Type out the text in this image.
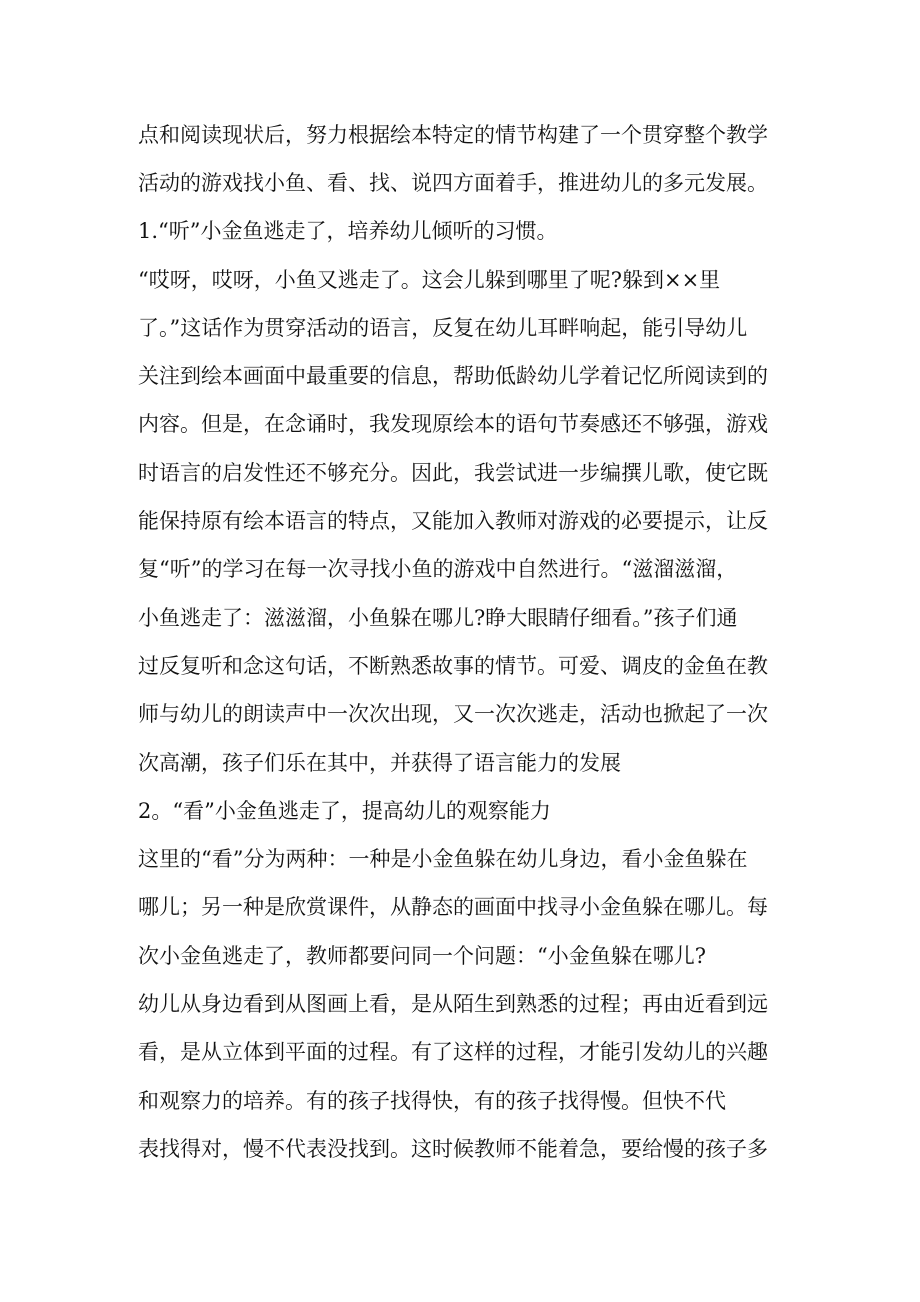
点和阅读现状后，努力根据绘本特定的情节构建了一个贯穿整个教学
活动的游戏找小鱼、看、找、说四方面着手，推进幼儿的多元发展。
1.“听”小金鱼逃走了，培养幼儿倾听的习惯。
“哎呀，哎呀，小鱼又逃走了。这会儿躲到哪里了呢?躲到××里
了。”这话作为贯穿活动的语言，反复在幼儿耳畔响起，能引导幼儿
关注到绘本画面中最重要的信息，帮助低龄幼儿学着记忆所阅读到的
内容。但是，在念诵时，我发现原绘本的语句节奏感还不够强，游戏
时语言的启发性还不够充分。因此，我尝试进一步编撰儿歌，使它既
能保持原有绘本语言的特点，又能加入教师对游戏的必要提示，让反
复“听”的学习在每一次寻找小鱼的游戏中自然进行。“滋溜滋溜，
小鱼逃走了：滋滋溜，小鱼躲在哪儿?睁大眼睛仔细看。”孩子们通
过反复听和念这句话，不断熟悉故事的情节。可爱、调皮的金鱼在教
师与幼儿的朗读声中一次次出现，又一次次逃走，活动也掀起了一次
次高潮，孩子们乐在其中，并获得了语言能力的发展
2。“看”小金鱼逃走了，提高幼儿的观察能力
这里的“看”分为两种：一种是小金鱼躲在幼儿身边，看小金鱼躲在
哪儿；另一种是欣赏课件，从静态的画面中找寻小金鱼躲在哪儿。每
次小金鱼逃走了，教师都要问同一个问题：“小金鱼躲在哪儿?
幼儿从身边看到从图画上看，是从陌生到熟悉的过程；再由近看到远
看，是从立体到平面的过程。有了这样的过程，才能引发幼儿的兴趣
和观察力的培养。有的孩子找得快，有的孩子找得慢。但快不代
表找得对，慢不代表没找到。这时候教师不能着急，要给慢的孩子多
